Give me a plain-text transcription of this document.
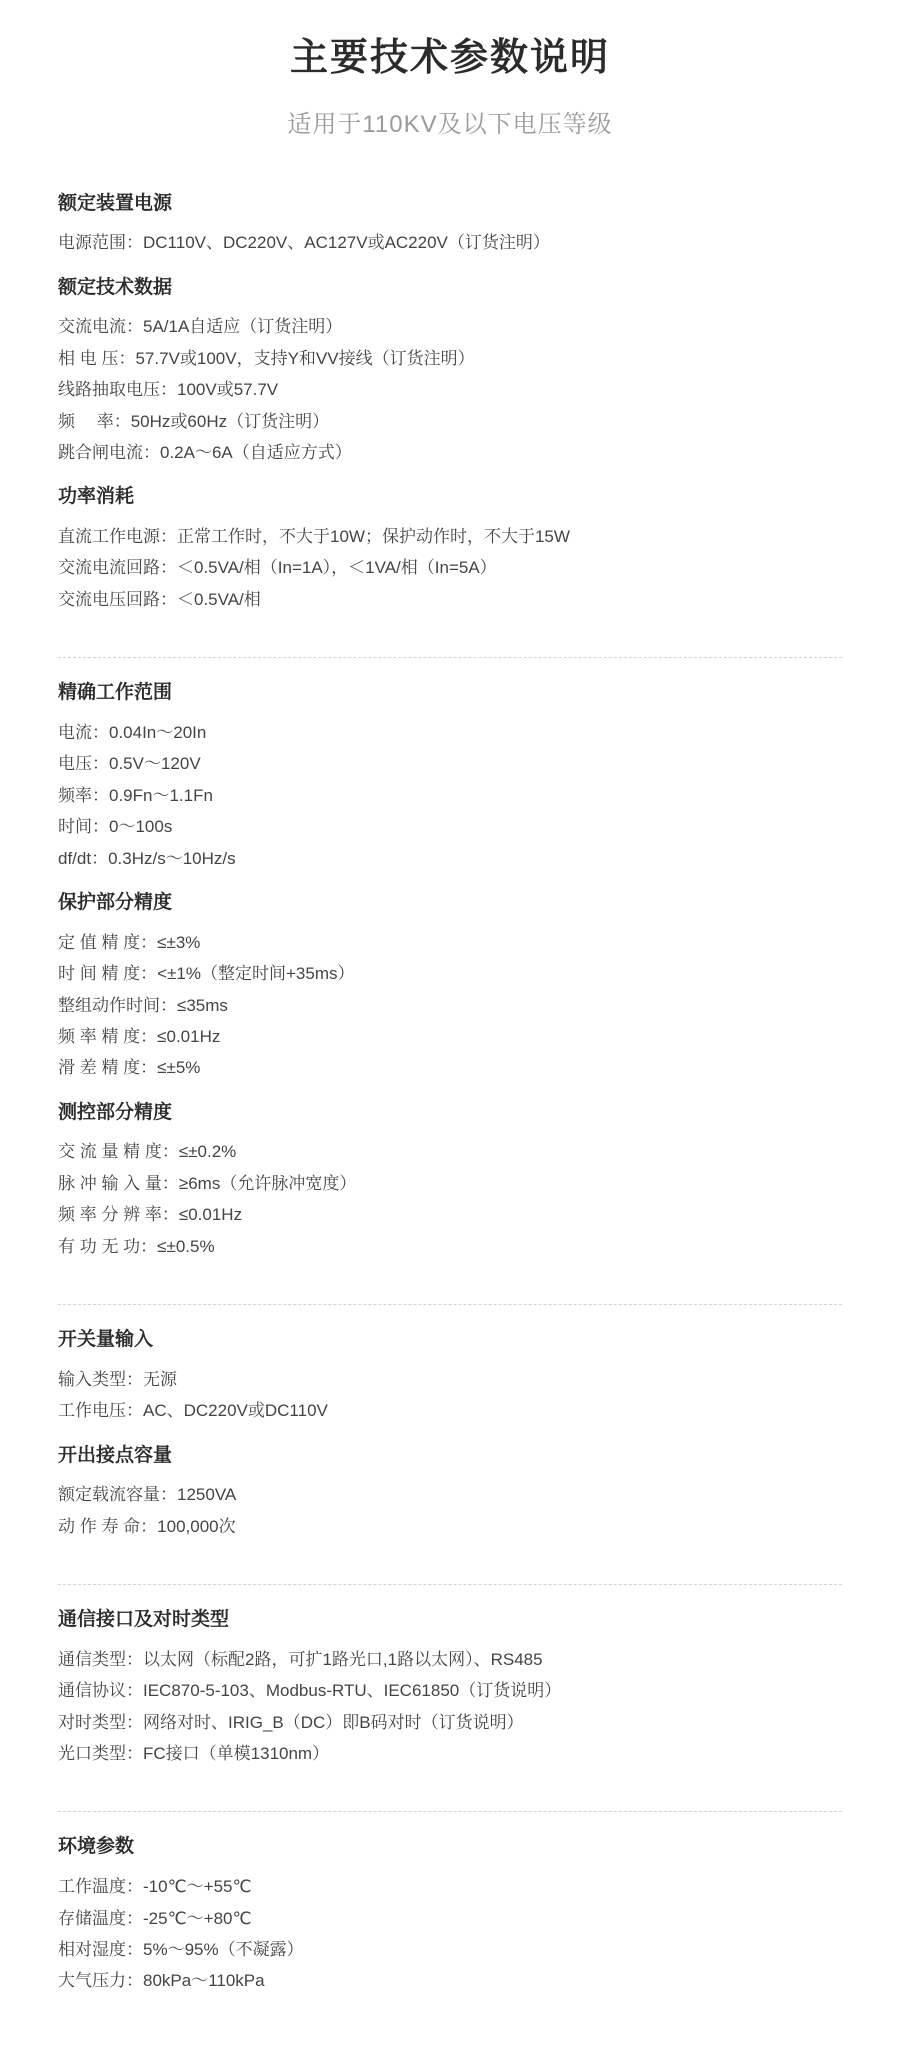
主要技术参数说明
适用于110KV及以下电压等级
额定装置电源
电源范围：DC110V、DC220V、AC127V或AC220V（订货注明）
额定技术数据
交流电流：5A/1A自适应（订货注明）
相 电 压：57.7V或100V，支持Y和VV接线（订货注明）
线路抽取电压：100V或57.7V
频　 率：50Hz或60Hz（订货注明）
跳合闸电流：0.2A～6A（自适应方式）
功率消耗
直流工作电源：正常工作时，不大于10W；保护动作时，不大于15W
交流电流回路：＜0.5VA/相（In=1A），＜1VA/相（In=5A）
交流电压回路：＜0.5VA/相
精确工作范围
电流：0.04In～20In
电压：0.5V～120V
频率：0.9Fn～1.1Fn
时间：0～100s
df/dt：0.3Hz/s～10Hz/s
保护部分精度
定 值 精 度：≤±3%
时 间 精 度：<±1%（整定时间+35ms）
整组动作时间：≤35ms
频 率 精 度：≤0.01Hz
滑 差 精 度：≤±5%
测控部分精度
交 流 量 精 度：≤±0.2%
脉 冲 输 入 量：≥6ms（允许脉冲宽度）
频 率 分 辨 率：≤0.01Hz
有 功 无 功：≤±0.5%
开关量输入
输入类型：无源
工作电压：AC、DC220V或DC110V
开出接点容量
额定载流容量：1250VA
动 作 寿 命：100,000次
通信接口及对时类型
通信类型：以太网（标配2路，可扩1路光口,1路以太网）、RS485
通信协议：IEC870-5-103、Modbus-RTU、IEC61850（订货说明）
对时类型：网络对时、IRIG_B（DC）即B码对时（订货说明）
光口类型：FC接口（单模1310nm）
环境参数
工作温度：-10℃～+55℃
存储温度：-25℃～+80℃
相对湿度：5%～95%（不凝露）
大气压力：80kPa～110kPa
